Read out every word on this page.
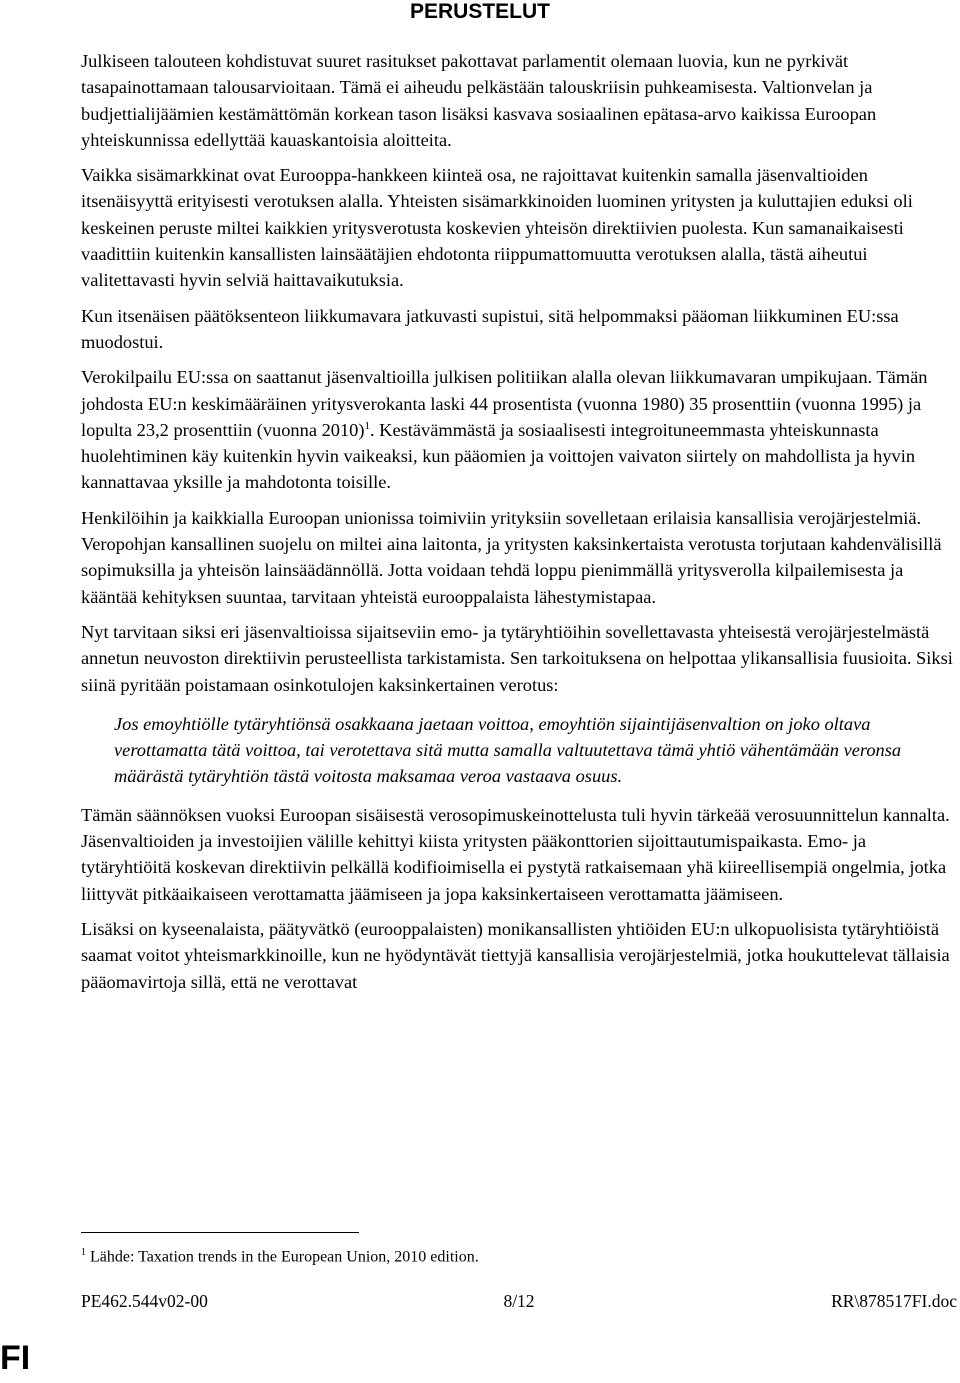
PERUSTELUT

Julkiseen talouteen kohdistuvat suuret rasitukset pakottavat parlamentit olemaan luovia, kun ne pyrkivät tasapainottamaan talousarvioitaan. Tämä ei aiheudu pelkästään talouskriisin puhkeamisesta. Valtionvelan ja budjettialijäämien kestämättömän korkean tason lisäksi kasvava sosiaalinen epätasa-arvo kaikissa Euroopan yhteiskunnissa edellyttää kauaskantoisia aloitteita.

Vaikka sisämarkkinat ovat Eurooppa-hankkeen kiinteä osa, ne rajoittavat kuitenkin samalla jäsenvaltioiden itsenäisyyttä erityisesti verotuksen alalla. Yhteisten sisämarkkinoiden luominen yritysten ja kuluttajien eduksi oli keskeinen peruste miltei kaikkien yritysverotusta koskevien yhteisön direktiivien puolesta. Kun samanaikaisesti vaadittiin kuitenkin kansallisten lainsäätäjien ehdotonta riippumattomuutta verotuksen alalla, tästä aiheutui valitettavasti hyvin selviä haittavaikutuksia.

Kun itsenäisen päätöksenteon liikkumavara jatkuvasti supistui, sitä helpommaksi pääoman liikkuminen EU:ssa muodostui.

Verokilpailu EU:ssa on saattanut jäsenvaltioilla julkisen politiikan alalla olevan liikkumavaran umpikujaan. Tämän johdosta EU:n keskimääräinen yritysverokanta laski 44 prosentista (vuonna 1980) 35 prosenttiin (vuonna 1995) ja lopulta 23,2 prosenttiin (vuonna 2010)$^1$. Kestävämmästä ja sosiaalisesti integroituneemmasta yhteiskunnasta huolehtiminen käy kuitenkin hyvin vaikeaksi, kun pääomien ja voittojen vaivaton siirtely on mahdollista ja hyvin kannattavaa yksille ja mahdotonta toisille.

Henkilöihin ja kaikkialla Euroopan unionissa toimiviin yrityksiin sovelletaan erilaisia kansallisia verojärjestelmiä. Veropohjan kansallinen suojelu on miltei aina laitonta, ja yritysten kaksinkertaista verotusta torjutaan kahdenvälisillä sopimuksilla ja yhteisön lainsäädännöllä. Jotta voidaan tehdä loppu pienimmällä yritysverolla kilpailemisesta ja kääntää kehityksen suuntaa, tarvitaan yhteistä eurooppalaista lähestymistapaa.

Nyt tarvitaan siksi eri jäsenvaltioissa sijaitseviin emo- ja tytäryhtiöihin sovellettavasta yhteisestä verojärjestelmästä annetun neuvoston direktiivin perusteellista tarkistamista. Sen tarkoituksena on helpottaa ylikansallisia fuusioita. Siksi siinä pyritään poistamaan osinkotulojen kaksinkertainen verotus:

Jos emoyhtiölle tytäryhtiönsä osakkaana jaetaan voittoa, emoyhtiön sijaintijäsenvaltion on joko oltava verottamatta tätä voittoa, tai verotettava sitä mutta samalla valtuutettava tämä yhtiö vähentämään veronsa määrästä tytäryhtiön tästä voitosta maksamaa veroa vastaava osuus.

Tämän säännöksen vuoksi Euroopan sisäisestä verosopimuskeinottelusta tuli hyvin tärkeää verosuunnittelun kannalta. Jäsenvaltioiden ja investoijien välille kehittyi kiista yritysten pääkonttorien sijoittautumispaikasta. Emo- ja tytäryhtiöitä koskevan direktiivin pelkällä kodifioimisella ei pystytä ratkaisemaan yhä kiireellisempiä ongelmia, jotka liittyvät pitkäaikaiseen verottamatta jäämiseen ja jopa kaksinkertaiseen verottamatta jäämiseen.

Lisäksi on kyseenalaista, päätyvätkö (eurooppalaisten) monikansallisten yhtiöiden EU:n ulkopuolisista tytäryhtiöistä saamat voitot yhteismarkkinoille, kun ne hyödyntävät tiettyjä kansallisia verojärjestelmiä, jotka houkuttelevat tällaisia pääomavirtoja sillä, että ne verottavat

$^1$ Lähde: Taxation trends in the European Union, 2010 edition.
PE462.544v02-00	8/12	RR\878517FI.doc
FI
